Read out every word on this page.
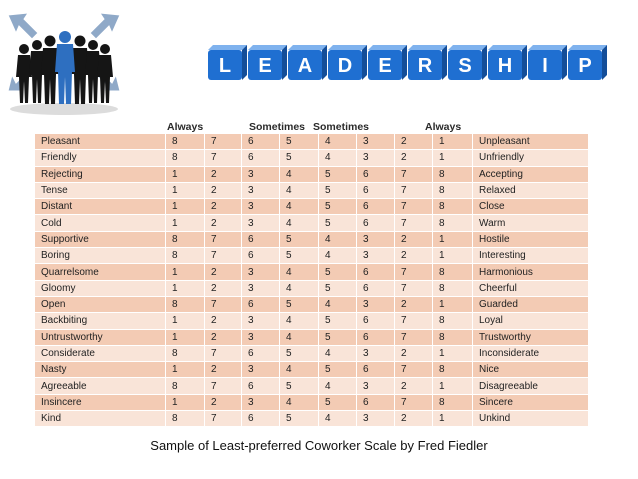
L E A D E R S H I P
Always	Sometimes Sometimes	Always
Pleasant	8	7	6	5	4	3	2	1	Unpleasant
Friendly	8	7	6	5	4	3	2	1	Unfriendly
Rejecting	1	2	3	4	5	6	7	8	Accepting
Tense	1	2	3	4	5	6	7	8	Relaxed
Distant	1	2	3	4	5	6	7	8	Close
Cold	1	2	3	4	5	6	7	8	Warm
Supportive	8	7	6	5	4	3	2	1	Hostile
Boring	8	7	6	5	4	3	2	1	Interesting
Quarrelsome	1	2	3	4	5	6	7	8	Harmonious
Gloomy	1	2	3	4	5	6	7	8	Cheerful
Open	8	7	6	5	4	3	2	1	Guarded
Backbiting	1	2	3	4	5	6	7	8	Loyal
Untrustworthy	1	2	3	4	5	6	7	8	Trustworthy
Considerate	8	7	6	5	4	3	2	1	Inconsiderate
Nasty	1	2	3	4	5	6	7	8	Nice
Agreeable	8	7	6	5	4	3	2	1	Disagreeable
Insincere	1	2	3	4	5	6	7	8	Sincere
Kind	8	7	6	5	4	3	2	1	Unkind
Sample of Least-preferred Coworker Scale by Fred Fiedler
